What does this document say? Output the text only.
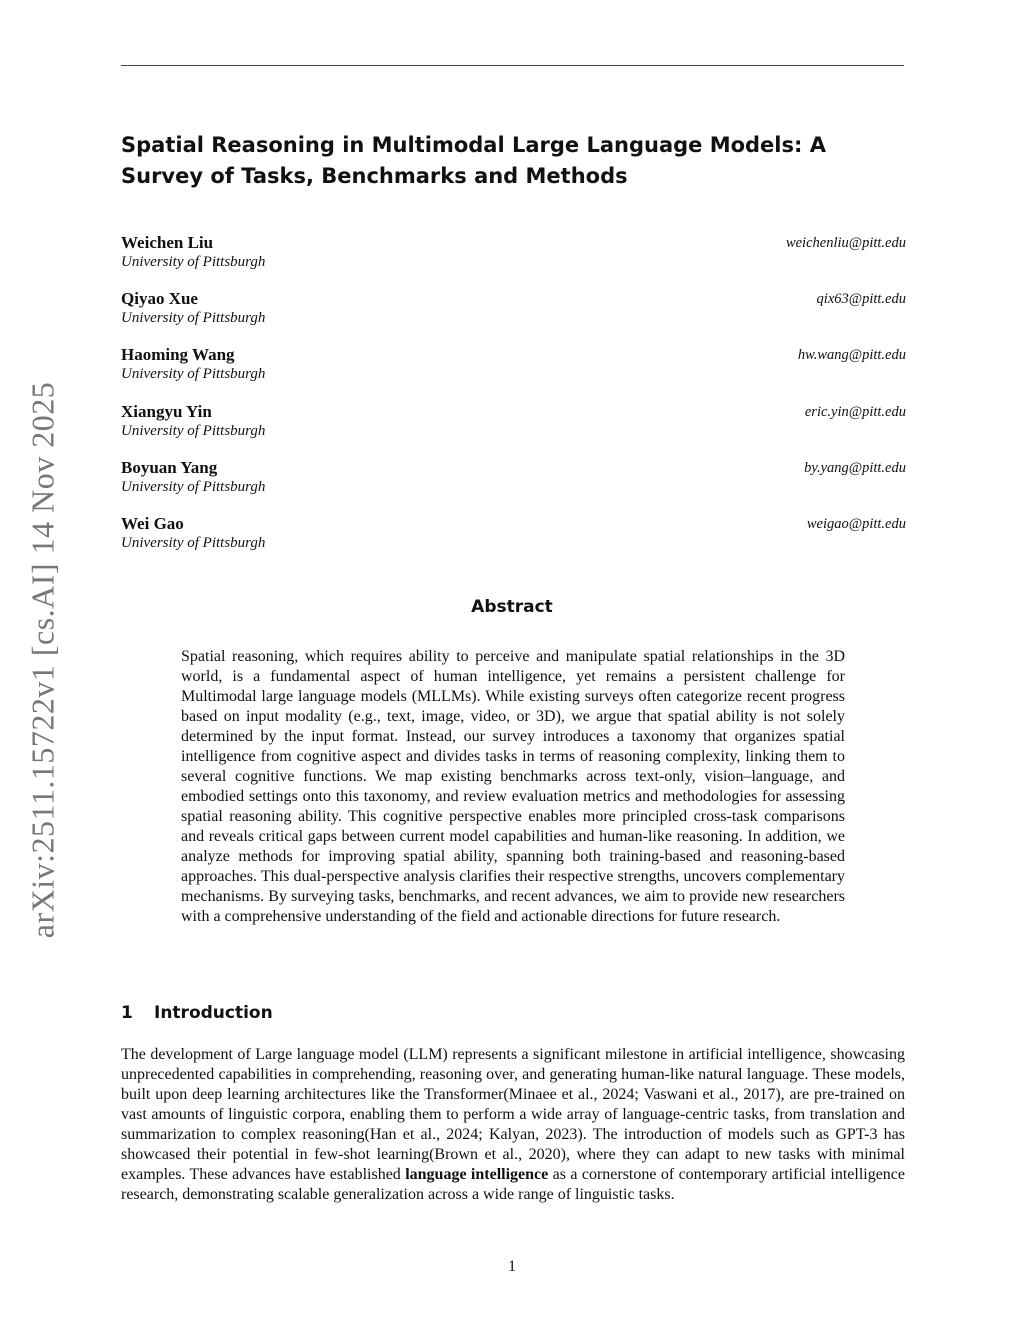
arXiv:2511.15722v1 [cs.AI] 14 Nov 2025
Spatial Reasoning in Multimodal Large Language Models: A Survey of Tasks, Benchmarks and Methods
Weichen Liu
University of Pittsburgh
weichenliu@pitt.edu
Qiyao Xue
University of Pittsburgh
qix63@pitt.edu
Haoming Wang
University of Pittsburgh
hw.wang@pitt.edu
Xiangyu Yin
University of Pittsburgh
eric.yin@pitt.edu
Boyuan Yang
University of Pittsburgh
by.yang@pitt.edu
Wei Gao
University of Pittsburgh
weigao@pitt.edu
Abstract

Spatial reasoning, which requires ability to perceive and manipulate spatial relationships in the 3D world, is a fundamental aspect of human intelligence, yet remains a persistent challenge for Multimodal large language models (MLLMs). While existing surveys often categorize recent progress based on input modality (e.g., text, image, video, or 3D), we argue that spatial ability is not solely determined by the input format. Instead, our survey introduces a taxonomy that organizes spatial intelligence from cognitive aspect and divides tasks in terms of reasoning complexity, linking them to several cognitive functions. We map existing benchmarks across text-only, vision–language, and embodied settings onto this taxonomy, and review evaluation metrics and methodologies for assessing spatial reasoning ability. This cognitive perspective enables more principled cross-task comparisons and reveals critical gaps between current model capabilities and human-like reasoning. In addition, we analyze methods for improving spatial ability, spanning both training-based and reasoning-based approaches. This dual-perspective analysis clarifies their respective strengths, uncovers complementary mechanisms. By surveying tasks, benchmarks, and recent advances, we aim to provide new researchers with a comprehensive understanding of the field and actionable directions for future research.

1 Introduction

The development of Large language model (LLM) represents a significant milestone in artificial intelligence, showcasing unprecedented capabilities in comprehending, reasoning over, and generating human-like natural language. These models, built upon deep learning architectures like the Transformer(Minaee et al., 2024; Vaswani et al., 2017), are pre-trained on vast amounts of linguistic corpora, enabling them to perform a wide array of language-centric tasks, from translation and summarization to complex reasoning(Han et al., 2024; Kalyan, 2023). The introduction of models such as GPT-3 has showcased their potential in few-shot learning(Brown et al., 2020), where they can adapt to new tasks with minimal examples. These advances have established language intelligence as a cornerstone of contemporary artificial intelligence research, demonstrating scalable generalization across a wide range of linguistic tasks.

1
